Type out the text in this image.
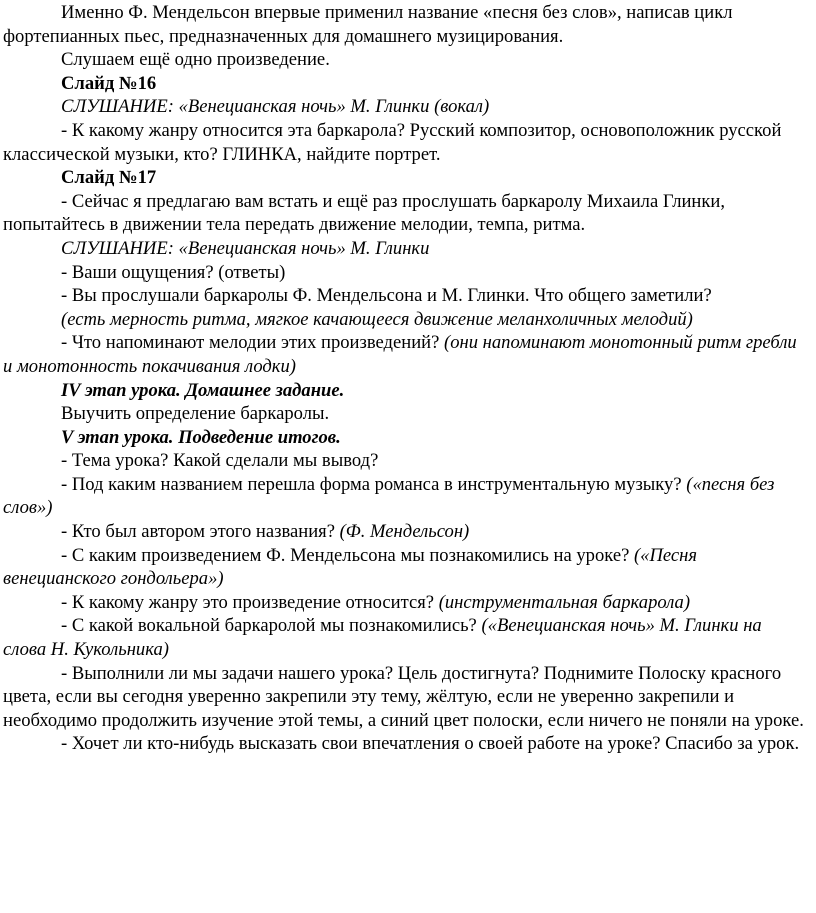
Именно Ф. Мендельсон впервые применил название «песня без слов», написав цикл фортепианных пьес, предназначенных для домашнего музицирования.

Слушаем ещё одно произведение.

Слайд №16

СЛУШАНИЕ: «Венецианская ночь» М. Глинки (вокал)

- К какому жанру относится эта баркарола? Русский композитор, основоположник русской классической музыки, кто? ГЛИНКА, найдите портрет.

Слайд №17

- Сейчас я предлагаю вам встать и ещё раз прослушать баркаролу Михаила Глинки, попытайтесь в движении тела передать движение мелодии, темпа, ритма.

СЛУШАНИЕ: «Венецианская ночь» М. Глинки

- Ваши ощущения? (ответы)

- Вы прослушали баркаролы Ф. Мендельсона и М. Глинки. Что общего заметили?

(есть мерность ритма, мягкое качающееся движение меланхоличных мелодий)

- Что напоминают мелодии этих произведений? (они напоминают монотонный ритм гребли и монотонность покачивания лодки)

IV этап урока. Домашнее задание.

Выучить определение баркаролы.

V этап урока. Подведение итогов.

- Тема урока? Какой сделали мы вывод?

- Под каким названием перешла форма романса в инструментальную музыку? («песня без слов»)

- Кто был автором этого названия? (Ф. Мендельсон)

- С каким произведением Ф. Мендельсона мы познакомились на уроке? («Песня венецианского гондольера»)

- К какому жанру это произведение относится? (инструментальная баркарола)

- С какой вокальной баркаролой мы познакомились? («Венецианская ночь» М. Глинки на слова Н. Кукольника)

- Выполнили ли мы задачи нашего урока? Цель достигнута? Поднимите Полоску красного цвета, если вы сегодня уверенно закрепили эту тему, жёлтую, если не уверенно закрепили и необходимо продолжить изучение этой темы, а синий цвет полоски, если ничего не поняли на уроке.

- Хочет ли кто-нибудь высказать свои впечатления о своей работе на уроке? Спасибо за урок.
